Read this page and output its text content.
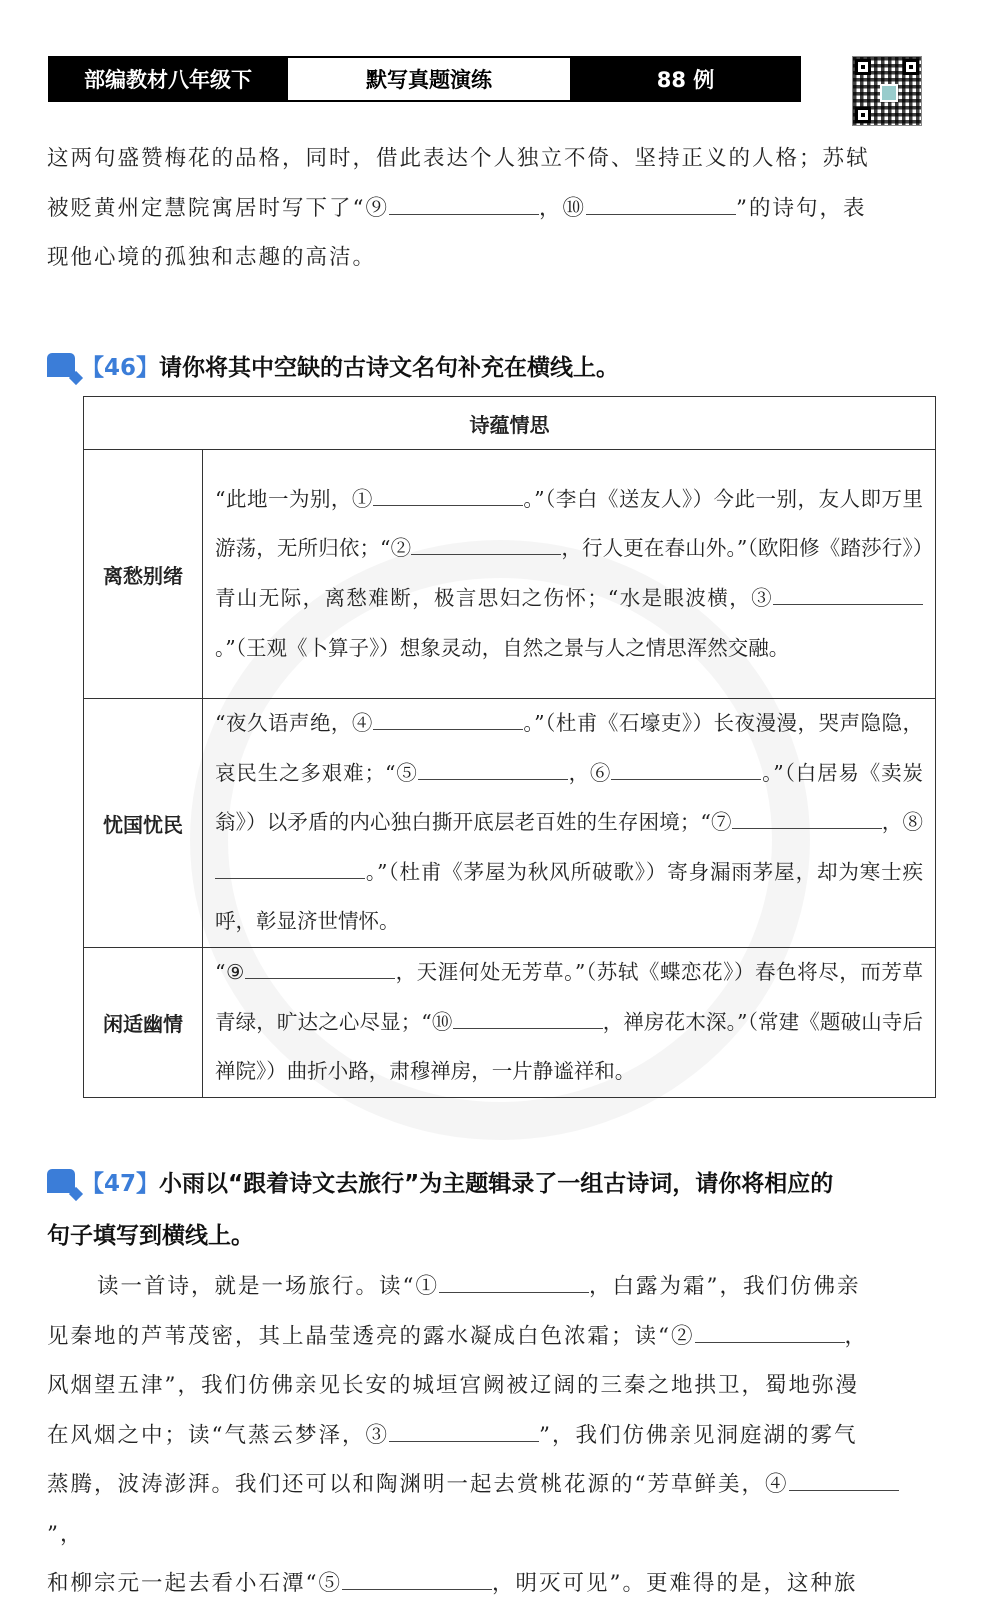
部编教材八年级下	默写真题演练	88 例
这两句盛赞梅花的品格，同时，借此表达个人独立不倚、坚持正义的人格；苏轼
被贬黄州定慧院寓居时写下了“⑨	，⑩	”的诗句，表
现他心境的孤独和志趣的高洁。
【46】请你将其中空缺的古诗文名句补充在横线上。
诗蕴情思	
离愁别绪	“此地一为别，① 。”（李白《送友人》）今此一别，友人即万里游荡，无所归依；“② ，行人更在春山外。”（欧阳修《踏莎行》）青山无际，离愁难断，极言思妇之伤怀；“水是眼波横，③。”（王观《卜算子》）想象灵动，自然之景与人之情思浑然交融。
忧国忧民	“夜久语声绝，④ 。”（杜甫《石壕吏》）长夜漫漫，哭声隐隐，哀民生之多艰难；“⑤ ，⑥ 。”（白居易《卖炭翁》）以矛盾的内心独白撕开底层老百姓的生存困境；“⑦ ，⑧。”（杜甫《茅屋为秋风所破歌》）寄身漏雨茅屋，却为寒士疾呼，彰显济世情怀。
闲适幽情	“⑨ ，天涯何处无芳草。”（苏轼《蝶恋花》）春色将尽，而芳草青绿，旷达之心尽显；“⑩ ，禅房花木深。”（常建《题破山寺后禅院》）曲折小路，肃穆禅房，一片静谧祥和。
【47】小雨以“跟着诗文去旅行”为主题辑录了一组古诗词，请你将相应的
句子填写到横线上。
读一首诗，就是一场旅行。读“①	，白露为霜”，我们仿佛亲
见秦地的芦苇茂密，其上晶莹透亮的露水凝成白色浓霜；读“②	，
风烟望五津”，我们仿佛亲见长安的城垣宫阙被辽阔的三秦之地拱卫，蜀地弥漫
在风烟之中；读“气蒸云梦泽，③	”，我们仿佛亲见洞庭湖的雾气
蒸腾，波涛澎湃。我们还可以和陶渊明一起去赏桃花源的“芳草鲜美，④”，
和柳宗元一起去看小石潭“⑤	，明灭可见”。更难得的是，这种旅
